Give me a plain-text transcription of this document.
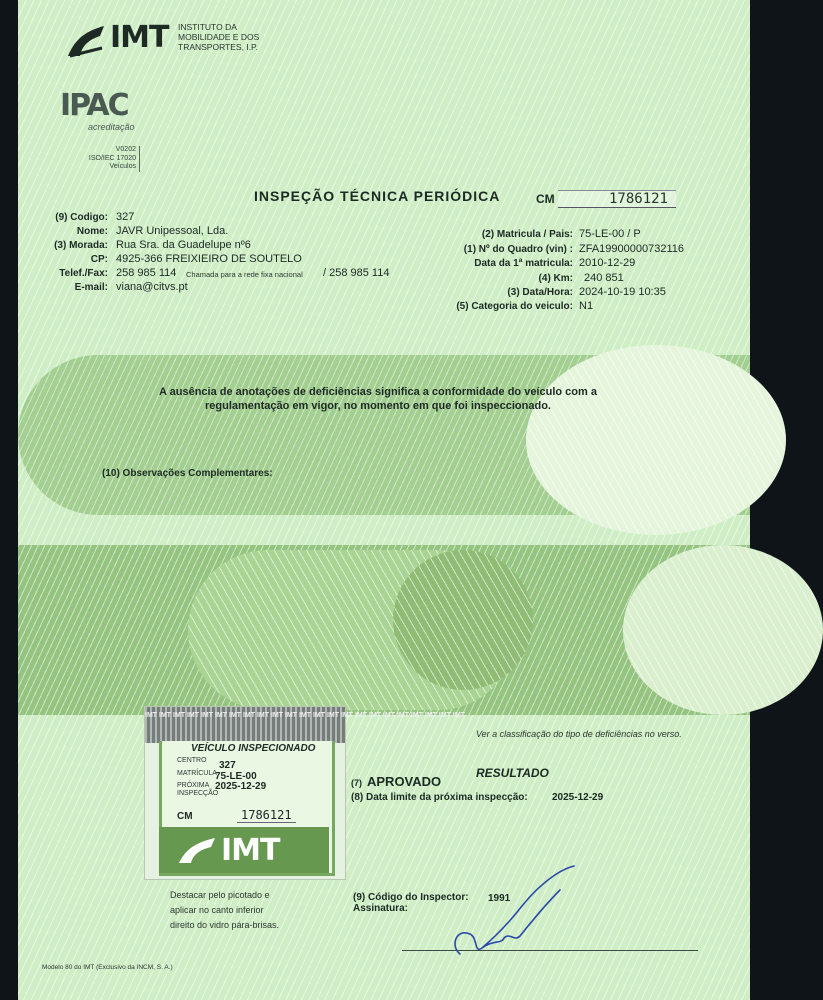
IMT INSTITUTO DA
MOBILIDADE E DOS
TRANSPORTES, I.P.
IPAC
acreditação
V0202
ISO/IEC 17020
Veículos
INSPEÇÃO TÉCNICA PERIÓDICA	CM	1786121
(9) Codigo: 327
Nome: JAVR Unipessoal, Lda.
(3) Morada: Rua Sra. da Guadelupe nº6
CP: 4925-366 FREIXIEIRO DE SOUTELO
Telef./Fax: 258 985 114 Chamada para a rede fixa nacional / 258 985 114
E-mail: viana@citvs.pt
(2) Matricula / Pais: 75-LE-00 / P
(1) Nº do Quadro (vin) : ZFA19900000732116
Data da 1ª matricula: 2010-12-29
(4) Km: 240 851
(3) Data/Hora: 2024-10-19 10:35
(5) Categoria do veiculo: N1
A ausência de anotações de deficiências significa a conformidade do veículo com a
regulamentação em vigor, no momento em que foi inspeccionado.
(10) Observações Complementares:
Ver a classificação do tipo de deficiências no verso.
IMT IMT IMT IMT IMT IMT IMT IMT IMT IMT IMT IMT IMT IMT IMT IMT IMT IMT IMT IMT IMT IMT IMT
IMT
VEÍCULO INSPECIONADO
CENTRO 327
MATRÍCULA
75-LE-00
PRÓXIMA
INSPECÇÃO
2025-12-29
CM	1786121
RESULTADO
(7) APROVADO
(8) Data limite da próxima inspecção: 2025-12-29
Destacar pelo picotado e
aplicar no canto inferior
direito do vidro pára-brisas.
(9) Código do Inspector: 1991
Assinatura:
Modelo 80 do IMT (Exclusivo da INCM, S. A.)
